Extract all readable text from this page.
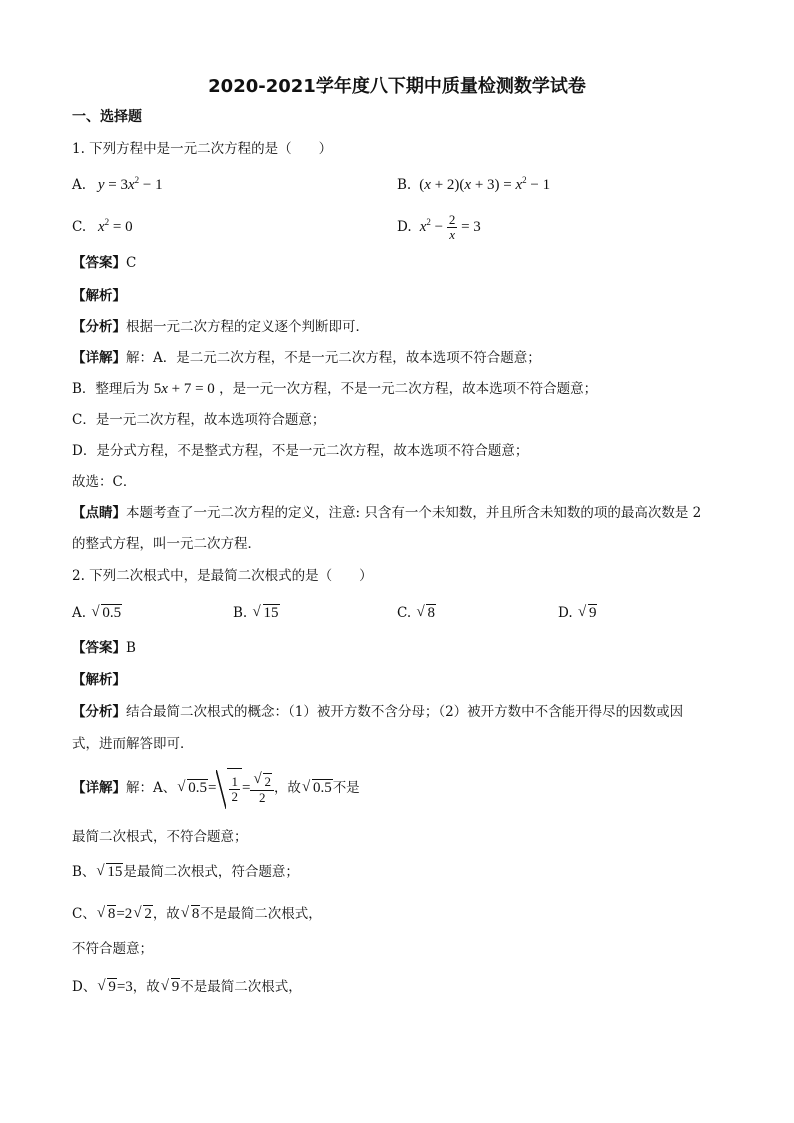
2020-2021学年度八下期中质量检测数学试卷
一、选择题
1. 下列方程中是一元二次方程的是（　　）
A. $y = 3x^2 - 1$	B.  $(x + 2)(x + 3) = x^2 - 1$
C. $x^2 = 0$	D. $x^2 - \frac{2}{x} = 3$
【答案】C
【解析】
【分析】根据一元二次方程的定义逐个判断即可．
【详解】解：A．是二元二次方程，不是一元二次方程，故本选项不符合题意；
B．整理后为 5x + 7 = 0 ，是一元一次方程，不是一元二次方程，故本选项不符合题意；
C．是一元二次方程，故本选项符合题意；
D．是分式方程，不是整式方程，不是一元二次方程，故本选项不符合题意；
故选：C．
【点睛】本题考查了一元二次方程的定义，注意: 只含有一个未知数，并且所含未知数的项的最高次数是 2
的整式方程，叫一元二次方程．
2. 下列二次根式中，是最简二次根式的是（　　）
A. √ 0.5	B. √ 15	C. √ 8	D. √ 9
【答案】B
【解析】
【分析】结合最简二次根式的概念：（1）被开方数不含分母；（2）被开方数中不含能开得尽的因数或因
式，进而解答即可．
【详解】解：A、 √ $0.5= \frac{1}{2}$ = √ $\frac{2}{2}$ ，故 √ 0.5不是
最简二次根式，不符合题意；
B、 √ 15是最简二次根式，符合题意；
C、 √ 8=2 √ 2，故 √ 8不是最简二次根式，
不符合题意；
D、 √ 9=3，故 √ 9不是最简二次根式，
